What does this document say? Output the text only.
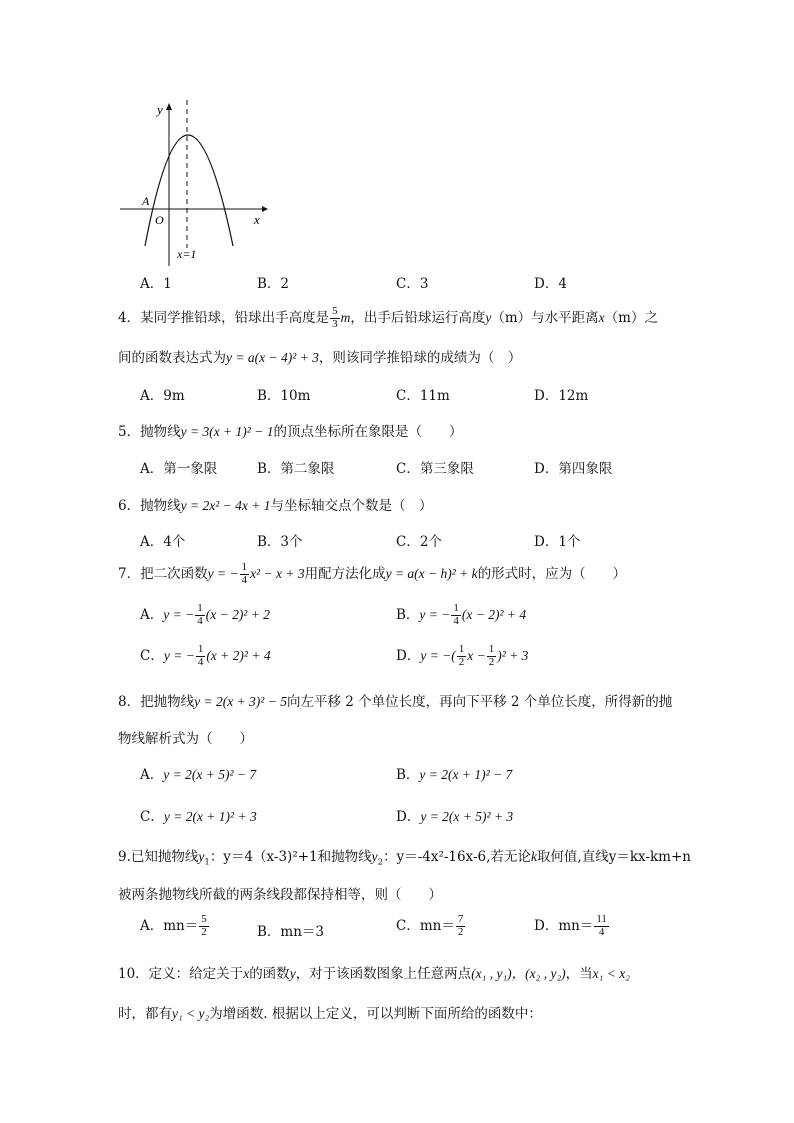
y
x
O
A
x=1
A．1	B．2	C．3	D．4
4．某同学推铅球，铅球出手高度是 $\frac{5}{3}$ m，出手后铅球运行高度y（m）与水平距离x（m）之
间的函数表达式为y = a(x − 4)² + 3，则该同学推铅球的成绩为（　）
A．9m	B．10m	C．11m	D．12m
5．抛物线y = 3(x + 1)² − 1的顶点坐标所在象限是（　　）
A．第一象限	B．第二象限	C．第三象限	D．第四象限
6．抛物线y = 2x² − 4x + 1与坐标轴交点个数是（　）
A．4个	B．3个	C．2个	D．1个
7．把二次函数y = − $\frac{1}{4} x^2 - x + 3$用配方法化成y = a(x − h)² + k的形式时，应为（　　）
A．y = − $\frac{1}{4} (x - 2)^2 + 2$	B．y = − $\frac{1}{4} (x - 2)^2 + 4$
C．y = − $\frac{1}{4} (x + 2)^2 + 4$	D．y = −( $\frac{1}{2}$ $x - \frac{1}{2} )^2 + 3$
8．把抛物线y = 2(x + 3)² − 5向左平移 2 个单位长度，再向下平移 2 个单位长度，所得新的抛
物线解析式为（　　）
A．y = 2(x + 5)² − 7	B．y = 2(x + 1)² − 7
C．y = 2(x + 1)² + 3	D．y = 2(x + 5)² + 3
9.已知抛物线$y_1$：y＝4（x-3)²+1和抛物线$y_2$：y＝-4x²-16x-6,若无论k取何值,直线y＝kx-km+n
被两条抛物线所截的两条线段都保持相等，则（　　）
A．$mn= \frac{5}{2}$	B．mn＝3	C．$mn= \frac{7}{2}$	D．$mn= \frac{11}{4}$
10．定义：给定关于x的函数y，对于该函数图象上任意两点(x₁ , y₁)，(x₂ , y₂)，当x₁ < x₂
时，都有y₁ < y₂为增函数. 根据以上定义，可以判断下面所给的函数中：
